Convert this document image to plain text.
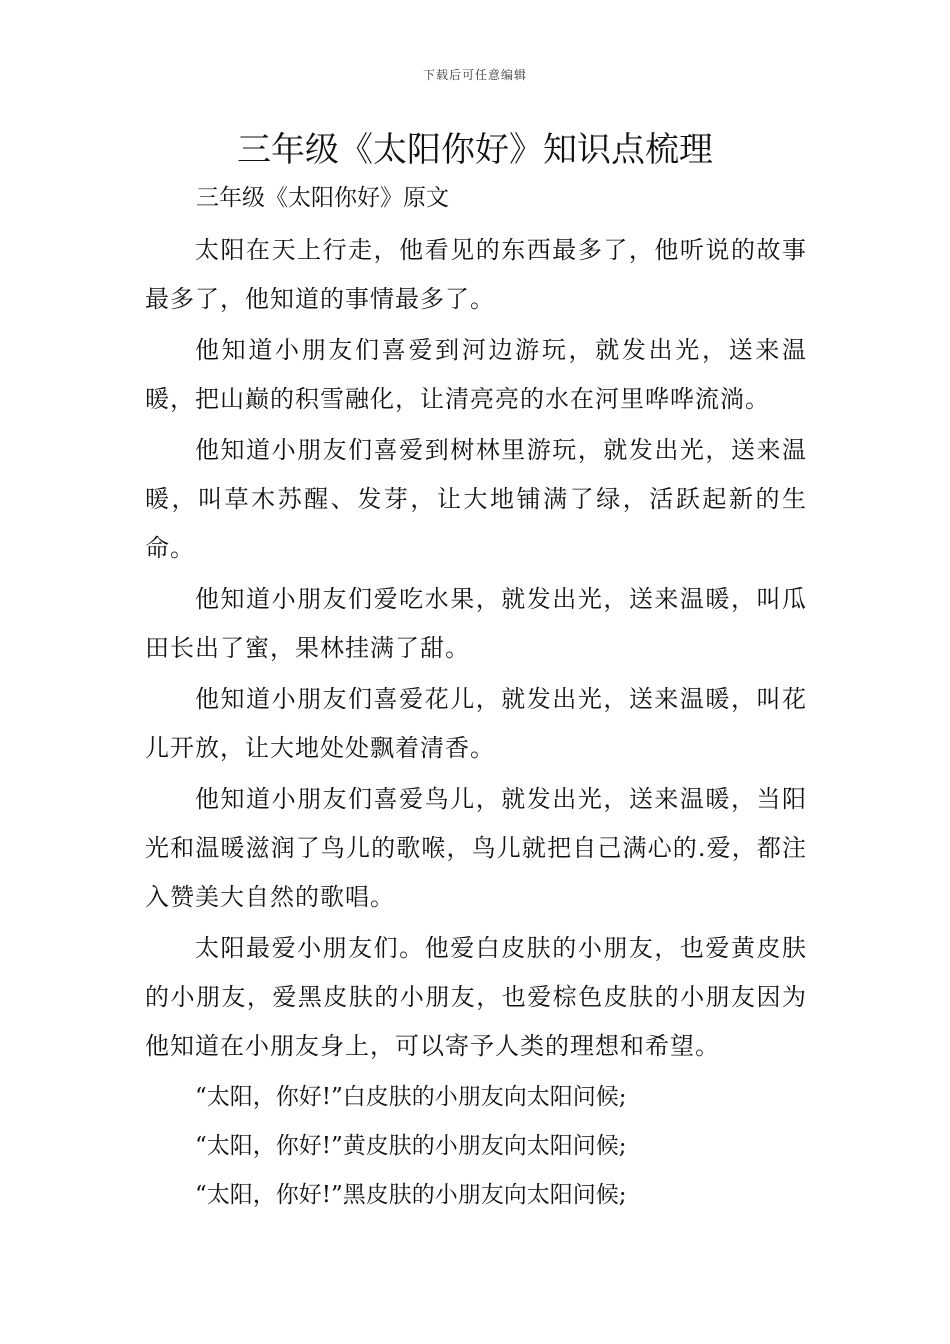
下载后可任意编辑
三年级《太阳你好》知识点梳理

三年级《太阳你好》原文

太阳在天上行走，他看见的东西最多了，他听说的故事最多了，他知道的事情最多了。

他知道小朋友们喜爱到河边游玩，就发出光，送来温暖，把山巅的积雪融化，让清亮亮的水在河里哗哗流淌。

他知道小朋友们喜爱到树林里游玩，就发出光，送来温暖，叫草木苏醒、发芽，让大地铺满了绿，活跃起新的生命。

他知道小朋友们爱吃水果，就发出光，送来温暖，叫瓜田长出了蜜，果林挂满了甜。

他知道小朋友们喜爱花儿，就发出光，送来温暖，叫花儿开放，让大地处处飘着清香。

他知道小朋友们喜爱鸟儿，就发出光，送来温暖，当阳光和温暖滋润了鸟儿的歌喉，鸟儿就把自己满心的.爱，都注入赞美大自然的歌唱。

太阳最爱小朋友们。他爱白皮肤的小朋友，也爱黄皮肤的小朋友，爱黑皮肤的小朋友，也爱棕色皮肤的小朋友因为他知道在小朋友身上，可以寄予人类的理想和希望。

“太阳，你好!”白皮肤的小朋友向太阳问候;

“太阳，你好!”黄皮肤的小朋友向太阳问候;

“太阳，你好!”黑皮肤的小朋友向太阳问候;
